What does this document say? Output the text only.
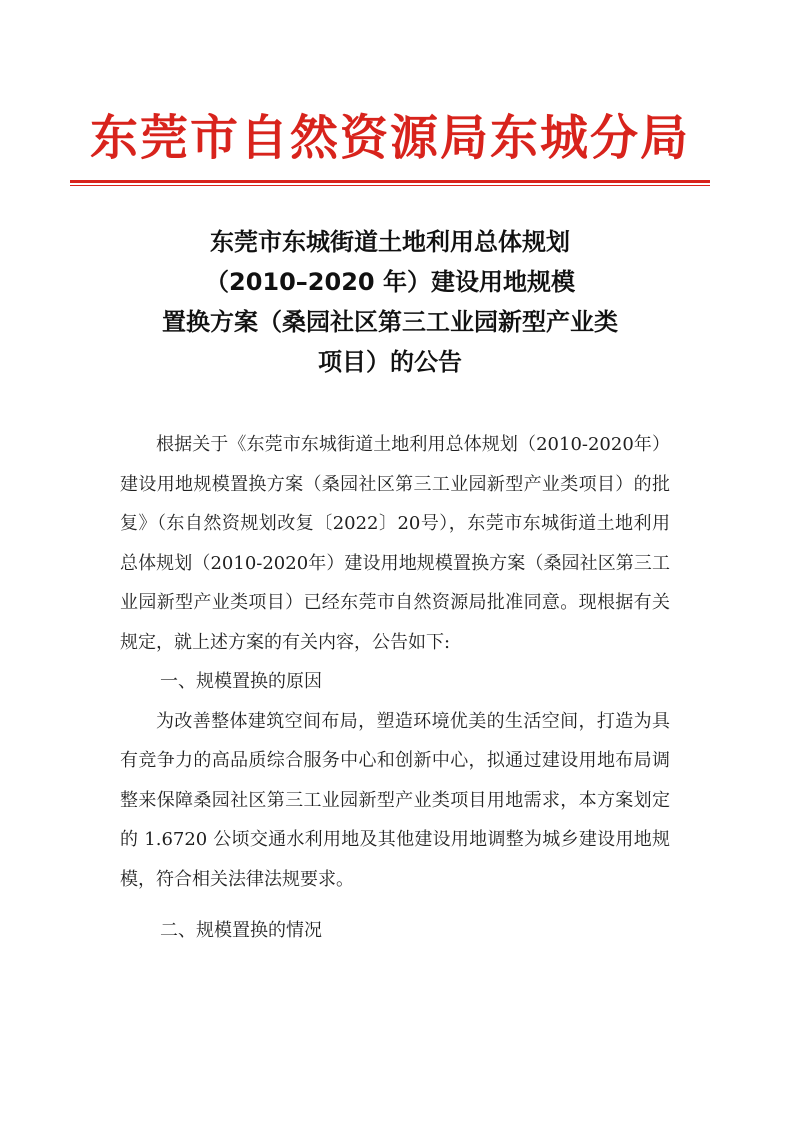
东莞市自然资源局东城分局
东莞市东城街道土地利用总体规划
（2010–2020 年）建设用地规模
置换方案（桑园社区第三工业园新型产业类
项目）的公告

根据关于《东莞市东城街道土地利用总体规划（2010-2020年）建设用地规模置换方案（桑园社区第三工业园新型产业类项目）的批复》（东自然资规划改复〔2022〕20号），东莞市东城街道土地利用总体规划（2010-2020年）建设用地规模置换方案（桑园社区第三工业园新型产业类项目）已经东莞市自然资源局批准同意。现根据有关规定，就上述方案的有关内容，公告如下:

一、规模置换的原因

为改善整体建筑空间布局，塑造环境优美的生活空间，打造为具有竞争力的高品质综合服务中心和创新中心，拟通过建设用地布局调整来保障桑园社区第三工业园新型产业类项目用地需求，本方案划定的 1.6720 公顷交通水利用地及其他建设用地调整为城乡建设用地规模，符合相关法律法规要求。

二、规模置换的情况
